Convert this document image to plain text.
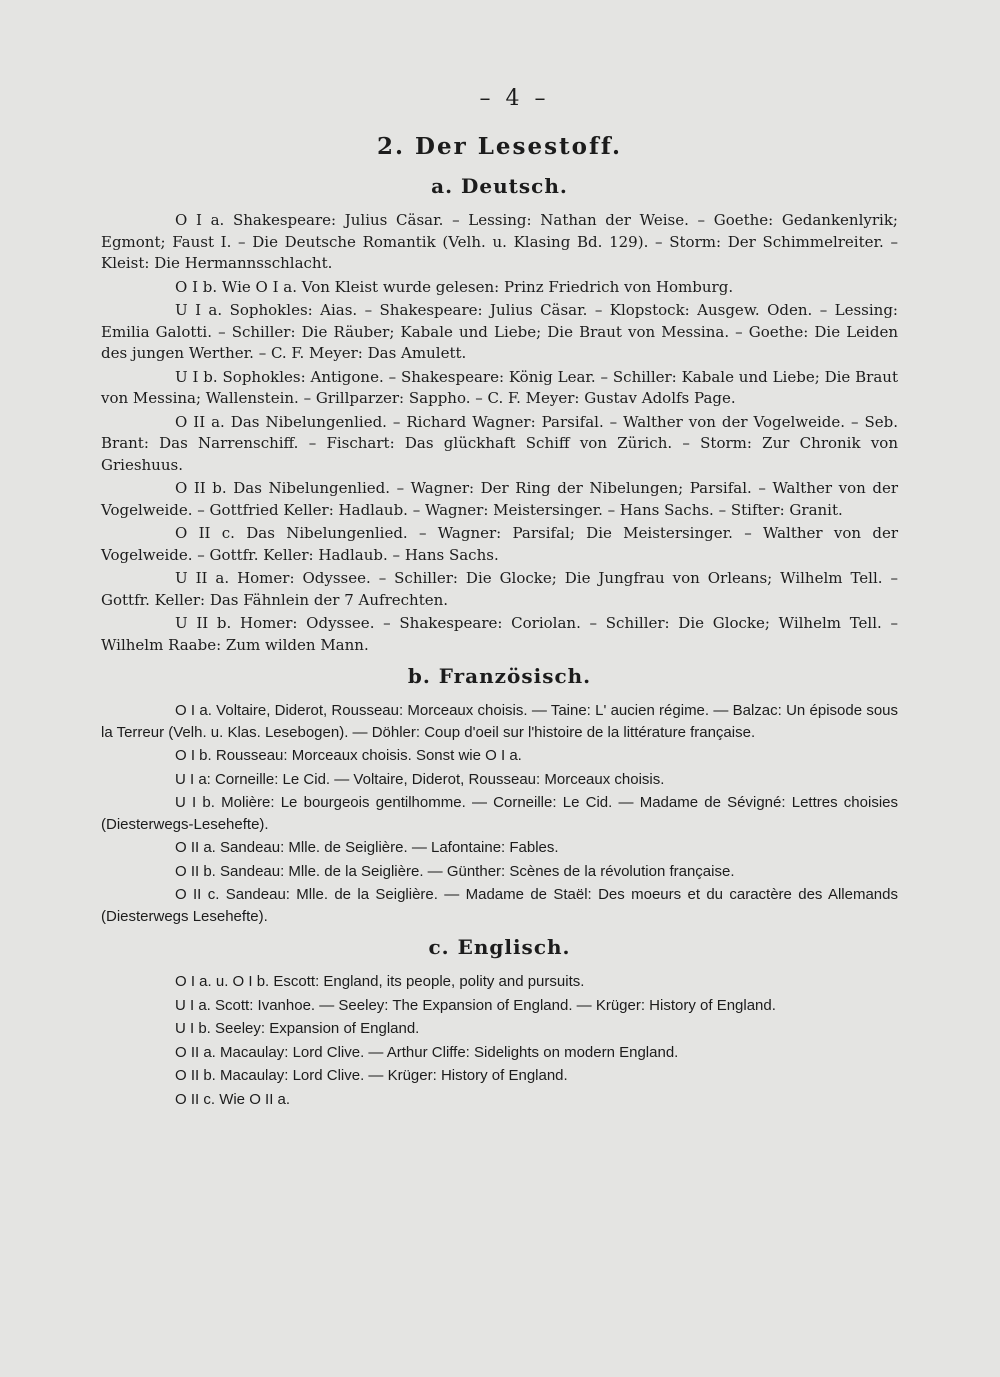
– 4 –
2. Der Lesestoff.
a. Deutsch.

O I a. Shakespeare: Julius Cäsar. – Lessing: Nathan der Weise. – Goethe: Gedankenlyrik; Egmont; Faust I. – Die Deutsche Romantik (Velh. u. Klasing Bd. 129). – Storm: Der Schimmelreiter. – Kleist: Die Hermannsschlacht.

O I b. Wie O I a. Von Kleist wurde gelesen: Prinz Friedrich von Homburg.

U I a. Sophokles: Aias. – Shakespeare: Julius Cäsar. – Klopstock: Ausgew. Oden. – Lessing: Emilia Galotti. – Schiller: Die Räuber; Kabale und Liebe; Die Braut von Messina. – Goethe: Die Leiden des jungen Werther. – C. F. Meyer: Das Amulett.

U I b. Sophokles: Antigone. – Shakespeare: König Lear. – Schiller: Kabale und Liebe; Die Braut von Messina; Wallenstein. – Grillparzer: Sappho. – C. F. Meyer: Gustav Adolfs Page.

O II a. Das Nibelungenlied. – Richard Wagner: Parsifal. – Walther von der Vogelweide. – Seb. Brant: Das Narrenschiff. – Fischart: Das glückhaft Schiff von Zürich. – Storm: Zur Chronik von Grieshuus.

O II b. Das Nibelungenlied. – Wagner: Der Ring der Nibelungen; Parsifal. – Walther von der Vogelweide. – Gottfried Keller: Hadlaub. – Wagner: Meistersinger. – Hans Sachs. – Stifter: Granit.

O II c. Das Nibelungenlied. – Wagner: Parsifal; Die Meistersinger. – Walther von der Vogelweide. – Gottfr. Keller: Hadlaub. – Hans Sachs.

U II a. Homer: Odyssee. – Schiller: Die Glocke; Die Jungfrau von Orleans; Wilhelm Tell. – Gottfr. Keller: Das Fähnlein der 7 Aufrechten.

U II b. Homer: Odyssee. – Shakespeare: Coriolan. – Schiller: Die Glocke; Wilhelm Tell. – Wilhelm Raabe: Zum wilden Mann.

b. Französisch.

O I a. Voltaire, Diderot, Rousseau: Morceaux choisis. — Taine: L' aucien régime. — Balzac: Un épisode sous la Terreur (Velh. u. Klas. Lesebogen). — Döhler: Coup d'oeil sur l'histoire de la littérature française.

O I b. Rousseau: Morceaux choisis. Sonst wie O I a.

U I a: Corneille: Le Cid. — Voltaire, Diderot, Rousseau: Morceaux choisis.

U I b. Molière: Le bourgeois gentilhomme. — Corneille: Le Cid. — Madame de Sévigné: Lettres choisies (Diesterwegs-Lesehefte).

O II a. Sandeau: Mlle. de Seiglière. — Lafontaine: Fables.

O II b. Sandeau: Mlle. de la Seiglière. — Günther: Scènes de la révolution française.

O II c. Sandeau: Mlle. de la Seiglière. — Madame de Staël: Des moeurs et du caractère des Allemands (Diesterwegs Lesehefte).

c. Englisch.

O I a. u. O I b. Escott: England, its people, polity and pursuits.

U I a. Scott: Ivanhoe. — Seeley: The Expansion of England. — Krüger: History of England.

U I b. Seeley: Expansion of England.

O II a. Macaulay: Lord Clive. — Arthur Cliffe: Sidelights on modern England.

O II b. Macaulay: Lord Clive. — Krüger: History of England.

O II c. Wie O II a.
